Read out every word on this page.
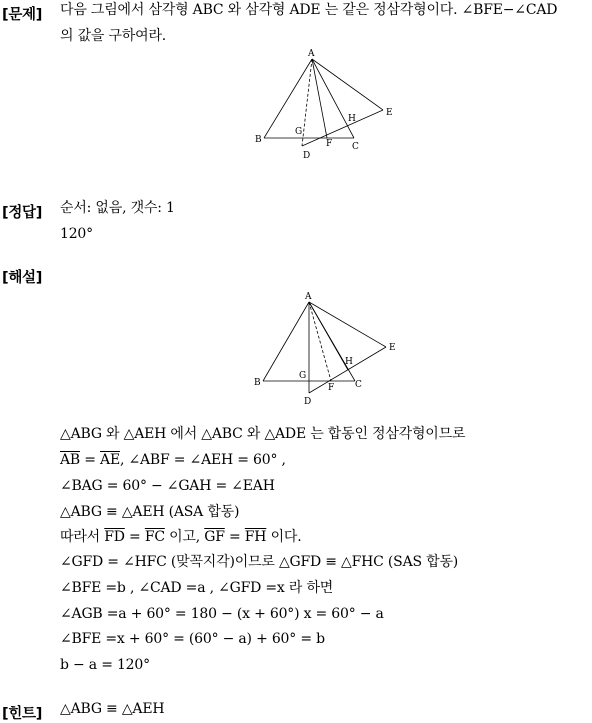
[문제] 다음 그림에서 삼각형 ABC 와 삼각형 ADE 는 같은 정삼각형이다. ∠BFE−∠CAD
의 값을 구하여라.
A
B
C
D
E
F
G
H
[정답] 순서: 없음, 갯수: 1
120°
[해설]
A
B	C
D
E
F
G
H
△ABG 와 △AEH 에서 △ABC 와 △ADE 는 합동인 정삼각형이므로
$\overline{AB} = \overline{AE}$, ∠ABF = ∠AEH = 60° ,
∠BAG = 60° − ∠GAH = ∠EAH
△ABG ≡ △AEH (ASA 합동)
따라서 $\overline{FD} = \overline{FC}$ 이고, $\overline{GF} = \overline{FH}$ 이다.
∠GFD = ∠HFC (맞꼭지각)이므로 △GFD ≡ △FHC (SAS 합동)
∠BFE =b , ∠CAD =a , ∠GFD =x 라 하면
∠AGB =a + 60° = 180 − (x + 60°) x = 60° − a
∠BFE =x + 60° = (60° − a) + 60° = b
b − a = 120°
[힌트] △ABG ≡ △AEH
